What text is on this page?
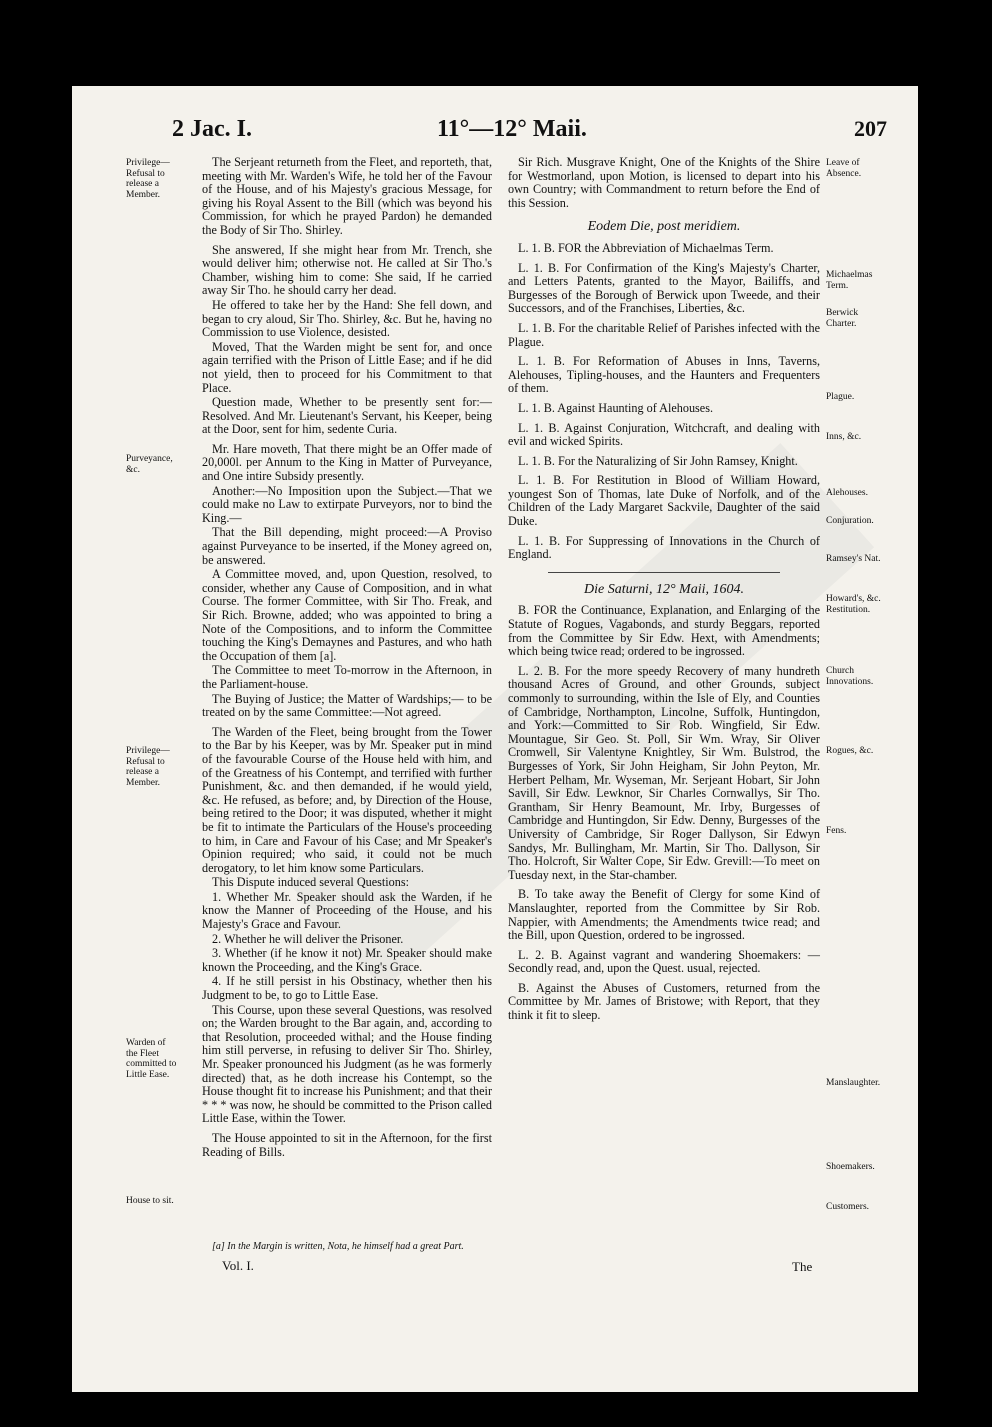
2 Jac. I.	11°—12° Maii.	207
Privilege—Refusal to release a Member.
Purveyance, &c.
Privilege—Refusal to release a Member.
Warden of the Fleet committed to Little Ease.
House to sit.
Leave of Absence.
Michaelmas Term.
Berwick Charter.
Plague.
Inns, &c.
Alehouses.
Conjuration.
Ramsey's Nat.
Howard's, &c. Restitution.
Church Innovations.
Rogues, &c.
Fens.
Manslaughter.
Shoemakers.
Customers.

The Serjeant returneth from the Fleet, and reporteth, that, meeting with Mr. Warden's Wife, he told her of the Favour of the House, and of his Majesty's gracious Message, for giving his Royal Assent to the Bill (which was beyond his Commission, for which he prayed Pardon) he demanded the Body of Sir Tho. Shirley.

She answered, If she might hear from Mr. Trench, she would deliver him; otherwise not. He called at Sir Tho.'s Chamber, wishing him to come: She said, If he carried away Sir Tho. he should carry her dead.

He offered to take her by the Hand: She fell down, and began to cry aloud, Sir Tho. Shirley, &c. But he, having no Commission to use Violence, desisted.

Moved, That the Warden might be sent for, and once again terrified with the Prison of Little Ease; and if he did not yield, then to proceed for his Commitment to that Place.

Question made, Whether to be presently sent for:— Resolved. And Mr. Lieutenant's Servant, his Keeper, being at the Door, sent for him, sedente Curia.

Mr. Hare moveth, That there might be an Offer made of 20,000l. per Annum to the King in Matter of Purveyance, and One intire Subsidy presently.

Another:—No Imposition upon the Subject.—That we could make no Law to extirpate Purveyors, nor to bind the King.—

That the Bill depending, might proceed:—A Proviso against Purveyance to be inserted, if the Money agreed on, be answered.

A Committee moved, and, upon Question, resolved, to consider, whether any Cause of Composition, and in what Course. The former Committee, with Sir Tho. Freak, and Sir Rich. Browne, added; who was appointed to bring a Note of the Compositions, and to inform the Committee touching the King's Demaynes and Pastures, and who hath the Occupation of them [a].

The Committee to meet To-morrow in the Afternoon, in the Parliament-house.

The Buying of Justice; the Matter of Wardships;— to be treated on by the same Committee:—Not agreed.

The Warden of the Fleet, being brought from the Tower to the Bar by his Keeper, was by Mr. Speaker put in mind of the favourable Course of the House held with him, and of the Greatness of his Contempt, and terrified with further Punishment, &c. and then demanded, if he would yield, &c. He refused, as before; and, by Direction of the House, being retired to the Door; it was disputed, whether it might be fit to intimate the Particulars of the House's proceeding to him, in Care and Favour of his Case; and Mr Speaker's Opinion required; who said, it could not be much derogatory, to let him know some Particulars.

This Dispute induced several Questions:

1. Whether Mr. Speaker should ask the Warden, if he know the Manner of Proceeding of the House, and his Majesty's Grace and Favour.

2. Whether he will deliver the Prisoner.

3. Whether (if he know it not) Mr. Speaker should make known the Proceeding, and the King's Grace.

4. If he still persist in his Obstinacy, whether then his Judgment to be, to go to Little Ease.

This Course, upon these several Questions, was resolved on; the Warden brought to the Bar again, and, according to that Resolution, proceeded withal; and the House finding him still perverse, in refusing to deliver Sir Tho. Shirley, Mr. Speaker pronounced his Judgment (as he was formerly directed) that, as he doth increase his Contempt, so the House thought fit to increase his Punishment; and that their * * * was now, he should be committed to the Prison called Little Ease, within the Tower.

The House appointed to sit in the Afternoon, for the first Reading of Bills.

Sir Rich. Musgrave Knight, One of the Knights of the Shire for Westmorland, upon Motion, is licensed to depart into his own Country; with Commandment to return before the End of this Session.

Eodem Die, post meridiem.

L. 1. B. FOR the Abbreviation of Michaelmas Term.

L. 1. B. For Confirmation of the King's Majesty's Charter, and Letters Patents, granted to the Mayor, Bailiffs, and Burgesses of the Borough of Berwick upon Tweede, and their Successors, and of the Franchises, Liberties, &c.

L. 1. B. For the charitable Relief of Parishes infected with the Plague.

L. 1. B. For Reformation of Abuses in Inns, Taverns, Alehouses, Tipling-houses, and the Haunters and Frequenters of them.

L. 1. B. Against Haunting of Alehouses.

L. 1. B. Against Conjuration, Witchcraft, and dealing with evil and wicked Spirits.

L. 1. B. For the Naturalizing of Sir John Ramsey, Knight.

L. 1. B. For Restitution in Blood of William Howard, youngest Son of Thomas, late Duke of Norfolk, and of the Children of the Lady Margaret Sackvile, Daughter of the said Duke.

L. 1. B. For Suppressing of Innovations in the Church of England.

Die Saturni, 12° Maii, 1604.

B. FOR the Continuance, Explanation, and Enlarging of the Statute of Rogues, Vagabonds, and sturdy Beggars, reported from the Committee by Sir Edw. Hext, with Amendments; which being twice read; ordered to be ingrossed.

L. 2. B. For the more speedy Recovery of many hundreth thousand Acres of Ground, and other Grounds, subject commonly to surrounding, within the Isle of Ely, and Counties of Cambridge, Northampton, Lincolne, Suffolk, Huntingdon, and York:—Committed to Sir Rob. Wingfield, Sir Edw. Mountague, Sir Geo. St. Poll, Sir Wm. Wray, Sir Oliver Cromwell, Sir Valentyne Knightley, Sir Wm. Bulstrod, the Burgesses of York, Sir John Heigham, Sir John Peyton, Mr. Herbert Pelham, Mr. Wyseman, Mr. Serjeant Hobart, Sir John Savill, Sir Edw. Lewknor, Sir Charles Cornwallys, Sir Tho. Grantham, Sir Henry Beamount, Mr. Irby, Burgesses of Cambridge and Huntingdon, Sir Edw. Denny, Burgesses of the University of Cambridge, Sir Roger Dallyson, Sir Edwyn Sandys, Mr. Bullingham, Mr. Martin, Sir Tho. Dallyson, Sir Tho. Holcroft, Sir Walter Cope, Sir Edw. Grevill:—To meet on Tuesday next, in the Star-chamber.

B. To take away the Benefit of Clergy for some Kind of Manslaughter, reported from the Committee by Sir Rob. Nappier, with Amendments; the Amendments twice read; and the Bill, upon Question, ordered to be ingrossed.

L. 2. B. Against vagrant and wandering Shoemakers: —Secondly read, and, upon the Quest. usual, rejected.

B. Against the Abuses of Customers, returned from the Committee by Mr. James of Bristowe; with Report, that they think it fit to sleep.

[a] In the Margin is written, Nota, he himself had a great Part.
Vol. I.	The
